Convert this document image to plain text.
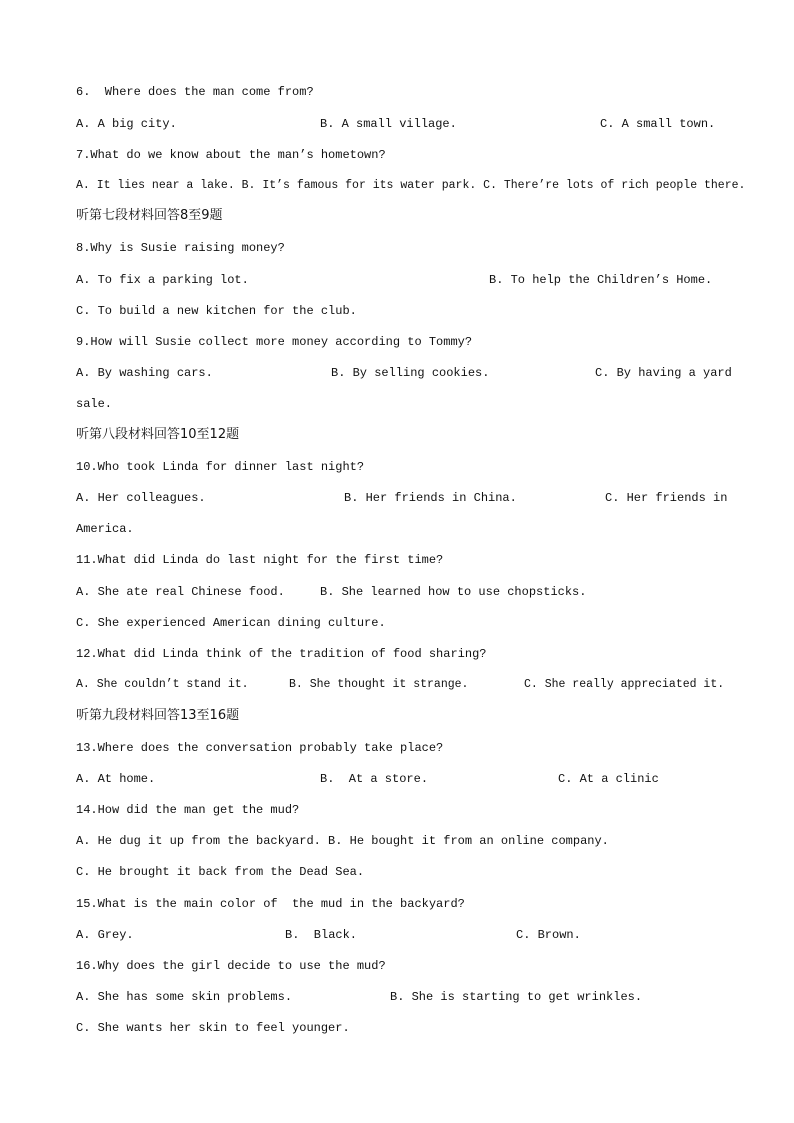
6.  Where does the man come from?
A. A big city.	B. A small village.	C. A small town.
7.What do we know about the man’s hometown?
A. It lies near a lake. B. It’s famous for its water park. C. There’re lots of rich people there.
听第七段材料回答8至9题
8.Why is Susie raising money?
A. To fix a parking lot.	B. To help the Children’s Home.
C. To build a new kitchen for the club.
9.How will Susie collect more money according to Tommy?
A. By washing cars.	B. By selling cookies.	C. By having a yard
sale.
听第八段材料回答10至12题
10.Who took Linda for dinner last night?
A. Her colleagues.	B. Her friends in China.	C. Her friends in
America.
11.What did Linda do last night for the first time?
A. She ate real Chinese food.	B. She learned how to use chopsticks.
C. She experienced American dining culture.
12.What did Linda think of the tradition of food sharing?
A. She couldn’t stand it.	B. She thought it strange.	C. She really appreciated it.
听第九段材料回答13至16题
13.Where does the conversation probably take place?
A. At home.	B.  At a store.	C. At a clinic
14.How did the man get the mud?
A. He dug it up from the backyard. B. He bought it from an online company.
C. He brought it back from the Dead Sea.
15.What is the main color of  the mud in the backyard?
A. Grey.	B.  Black.	C. Brown.
16.Why does the girl decide to use the mud?
A. She has some skin problems.	B. She is starting to get wrinkles.
C. She wants her skin to feel younger.
